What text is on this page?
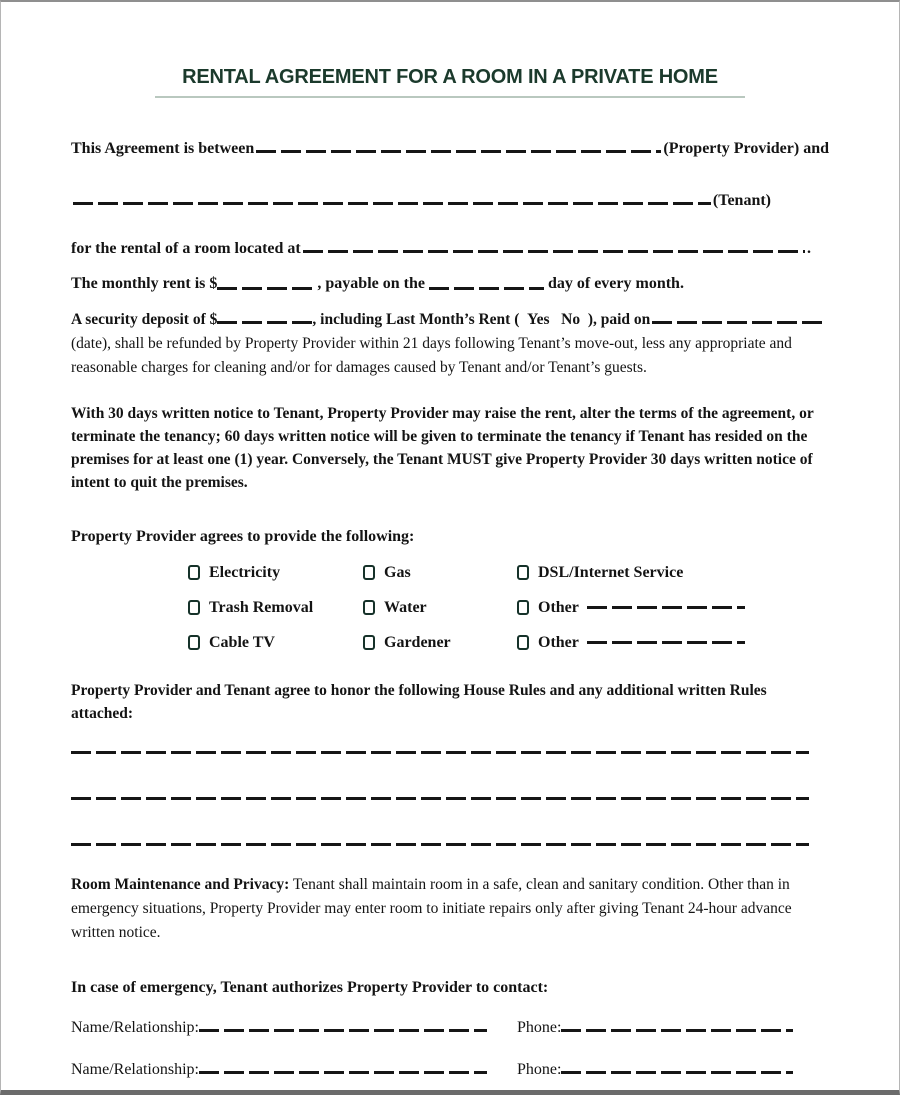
RENTAL AGREEMENT FOR A ROOM IN A PRIVATE HOME
This Agreement is between	(Property Provider) and
(Tenant)
for the rental of a room located at	.
The monthly rent is $	, payable on the	day of every month.
A security deposit of $	, including Last Month’s Rent (  Yes   No  ), paid on
(date), shall be refunded by Property Provider within 21 days following Tenant’s move-out, less any appropriate and reasonable charges for cleaning and/or for damages caused by Tenant and/or Tenant’s guests.

With 30 days written notice to Tenant, Property Provider may raise the rent, alter the terms of the agreement, or terminate the tenancy; 60 days written notice will be given to terminate the tenancy if Tenant has resided on the premises for at least one (1) year. Conversely, the Tenant MUST give Property Provider 30 days written notice of intent to quit the premises.

Property Provider agrees to provide the following:
Electricity	Gas	DSL/Internet Service
Trash Removal	Water	Other
Cable TV	Gardener	Other
Property Provider and Tenant agree to honor the following House Rules and any additional written Rules attached:

Room Maintenance and Privacy: Tenant shall maintain room in a safe, clean and sanitary condition. Other than in emergency situations, Property Provider may enter room to initiate repairs only after giving Tenant 24-hour advance written notice.

In case of emergency, Tenant authorizes Property Provider to contact:
Name/Relationship:	Phone:
Name/Relationship:	Phone:
